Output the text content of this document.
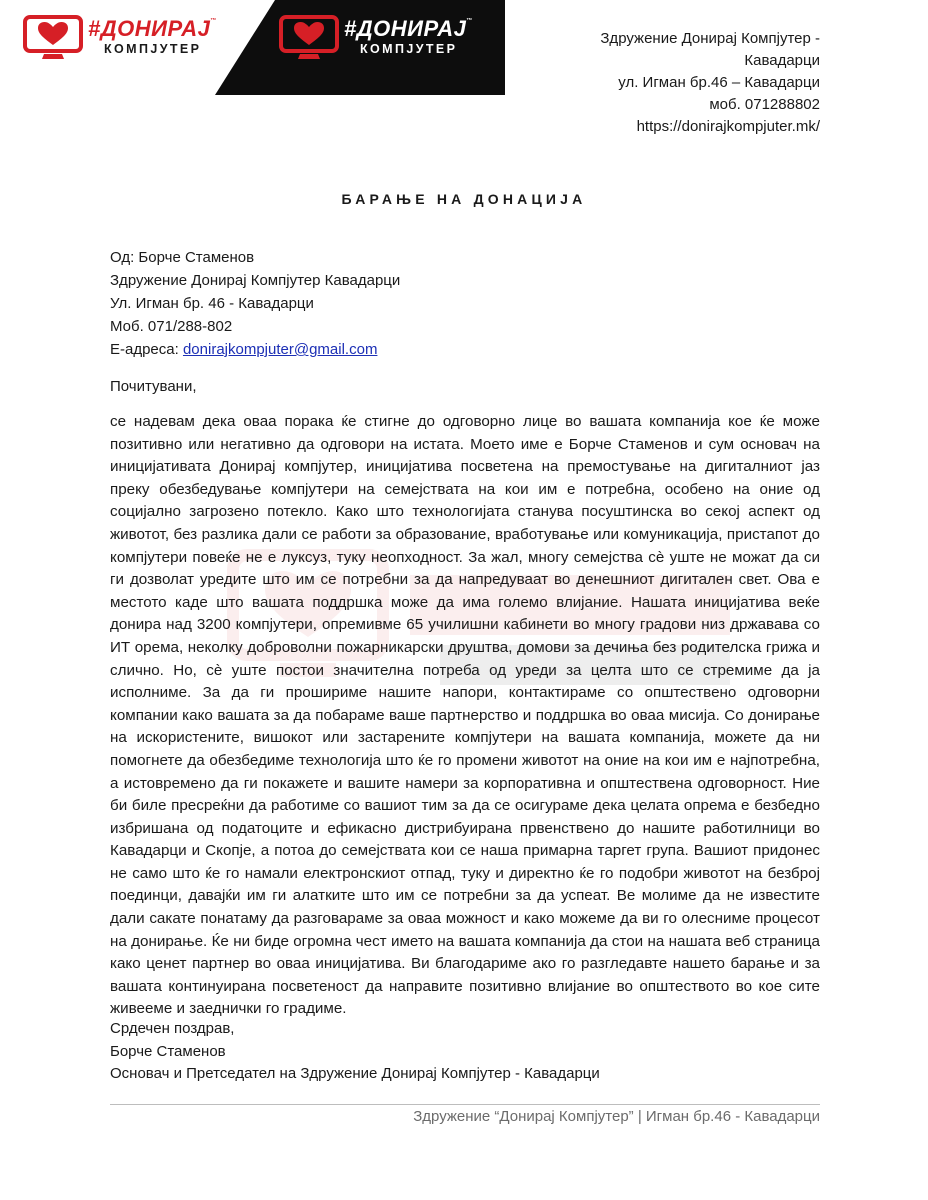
#ДОНИРАЈ™
КОМПЈУТЕР
#ДОНИРАЈ™
КОМПЈУТЕР
Здружение Донирај Компјутер -
Кавадарци
ул. Игман бр.46 – Кавадарци
моб. 071288802
https://donirajkompjuter.mk/
БАРАЊЕ НА ДОНАЦИЈА
Од: Борче Стаменов
Здружение Донирај Компјутер Кавадарци
Ул. Игман бр. 46 - Кавадарци
Моб. 071/288-802
Е-адреса: donirajkompjuter@gmail.com
Почитувани,

се надевам дека оваа порака ќе стигне до одговорно лице во вашата компанија кое ќе може позитивно или негативно да одговори на истата. Моето име е Борче Стаменов и сум основач на иницијативата Донирај компјутер, иницијатива посветена на премостување на дигиталниот јаз преку обезбедување компјутери на семејствата на кои им е потребна, особено на оние од социјално загрозено потекло. Како што технологијата станува посуштинска во секој аспект од животот, без разлика дали се работи за образование, вработување или комуникација, пристапот до компјутери повеќе не е луксуз, туку неопходност. За жал, многу семејства сè уште не можат да си ги дозволат уредите што им се потребни за да напредуваат во денешниот дигитален свет. Ова е местото каде што вашата поддршка може да има големо влијание. Нашата иницијатива веќе донира над 3200 компјутери, опремивме 65 училишни кабинети во многу градови низ државава со ИТ орема, неколку доброволни пожарникарски друштва, домови за дечиња без родителска грижа и слично. Но, сè уште постои значителна потреба од уреди за целта што се стремиме да ја исполниме. За да ги прошириме нашите напори, контактираме со општествено одговорни компании како вашата за да побараме ваше партнерство и поддршка во оваа мисија. Со донирање на искористените, вишокот или застарените компјутери на вашата компанија, можете да ни помогнете да обезбедиме технологија што ќе го промени животот на оние на кои им е најпотребна, а истовремено да ги покажете и вашите намери за корпоративна и општествена одговорност. Ние би биле пресреќни да работиме со вашиот тим за да се осигураме дека целата опрема е безбедно избришана од податоците и ефикасно дистрибуирана првенствено до нашите работилници во Кавадарци и Скопје, а потоа до семејствата кои се наша примарна таргет група. Вашиот придонес не само што ќе го намали електронскиот отпад, туку и директно ќе го подобри животот на безброј поединци, давајќи им ги алатките што им се потребни за да успеат. Ве молиме да не известите дали сакате понатаму да разговараме за оваа можност и како можеме да ви го олесниме процесот на донирање. Ќе ни биде огромна чест името на вашата компанија да стои на нашата веб страница како ценет партнер во оваа иницијатива. Ви благодариме ако го разгледавте нашето барање и за вашата континуирана посветеност да направите позитивно влијание во општеството во кое сите живееме и заеднички го градиме.

Срдечен поздрав,
Борче Стаменов
Основач и Претседател на Здружение Донирај Компјутер - Кавадарци
Здружение “Донирај Компјутер” | Игман бр.46 - Кавадарци
